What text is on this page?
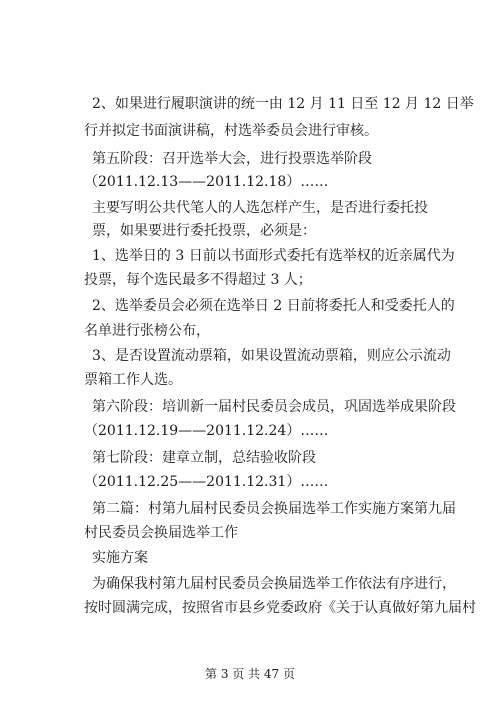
2、如果进行履职演讲的统一由 12 月 11 日至 12 月 12 日举
行并拟定书面演讲稿，村选举委员会进行审核。
第五阶段：召开选举大会，进行投票选举阶段
（2011.12.13——2011.12.18）……
主要写明公共代笔人的人选怎样产生，是否进行委托投
票，如果要进行委托投票，必须是：
1、选举日的 3 日前以书面形式委托有选举权的近亲属代为
投票，每个选民最多不得超过 3 人；
2、选举委员会必须在选举日 2 日前将委托人和受委托人的
名单进行张榜公布，
3、是否设置流动票箱，如果设置流动票箱，则应公示流动
票箱工作人选。
第六阶段：培训新一届村民委员会成员，巩固选举成果阶段
（2011.12.19——2011.12.24）……
第七阶段：建章立制，总结验收阶段
（2011.12.25——2011.12.31）……
第二篇：村第九届村民委员会换届选举工作实施方案第九届
村民委员会换届选举工作
实施方案
为确保我村第九届村民委员会换届选举工作依法有序进行，
按时圆满完成，按照省市县乡党委政府《关于认真做好第九届村
第 3 页 共 47 页
